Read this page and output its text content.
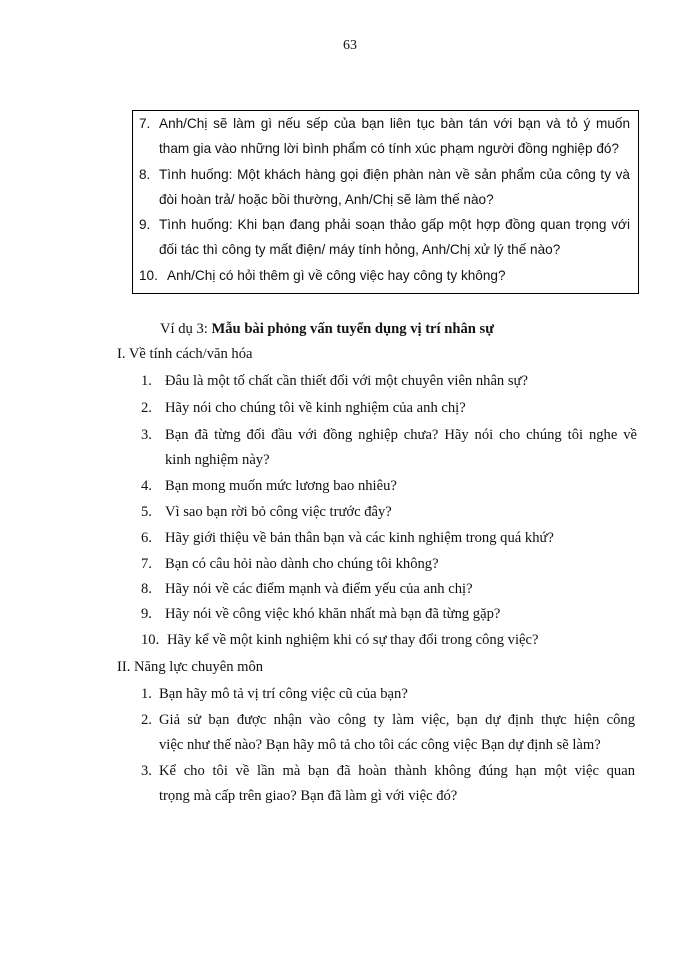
63
7. Anh/Chị sẽ làm gì nếu sếp của bạn liên tục bàn tán với bạn và tỏ ý muốn
tham gia vào những lời bình phẩm có tính xúc phạm người đồng nghiệp đó?
8. Tình huống: Một khách hàng gọi điện phàn nàn về sản phẩm của công ty và
đòi hoàn trả/ hoặc bồi thường, Anh/Chị sẽ làm thế nào?
9. Tình huống: Khi bạn đang phải soạn thảo gấp một hợp đồng quan trọng với
đối tác thì công ty mất điện/ máy tính hỏng, Anh/Chị xử lý thế nào?
10. Anh/Chị có hỏi thêm gì về công việc hay công ty không?
Ví dụ 3: Mẫu bài phỏng vấn tuyển dụng vị trí nhân sự
I. Về tính cách/văn hóa
1. Đâu là một tố chất cần thiết đối với một chuyên viên nhân sự?
2. Hãy nói cho chúng tôi về kinh nghiệm của anh chị?
3. Bạn đã từng đối đầu với đồng nghiệp chưa? Hãy nói cho chúng tôi nghe về
kinh nghiệm này?
4. Bạn mong muốn mức lương bao nhiêu?
5. Vì sao bạn rời bỏ công việc trước đây?
6. Hãy giới thiệu về bản thân bạn và các kinh nghiệm trong quá khứ?
7. Bạn có câu hỏi nào dành cho chúng tôi không?
8. Hãy nói về các điểm mạnh và điểm yếu của anh chị?
9. Hãy nói về công việc khó khăn nhất mà bạn đã từng gặp?
10. Hãy kể về một kinh nghiệm khi có sự thay đổi trong công việc?
II. Năng lực chuyên môn
1. Bạn hãy mô tả vị trí công việc cũ của bạn?
2. Giả sử bạn được nhận vào công ty làm việc, bạn dự định thực hiện công
việc như thế nào? Bạn hãy mô tả cho tôi các công việc Bạn dự định sẽ làm?
3. Kể cho tôi về lần mà bạn đã hoàn thành không đúng hạn một việc quan
trọng mà cấp trên giao? Bạn đã làm gì với việc đó?
